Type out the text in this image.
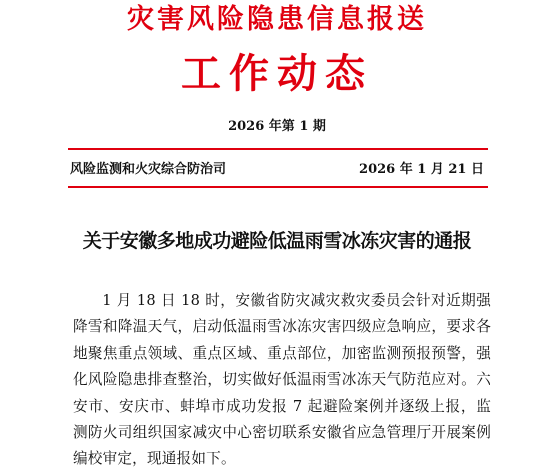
灾害风险隐患信息报送
工作动态
2026 年第 1 期
风险监测和火灾综合防治司	2026 年 1 月 21 日
关于安徽多地成功避险低温雨雪冰冻灾害的通报
1 月 18 日 18 时，安徽省防灾减灾救灾委员会针对近期强降雪和降温天气，启动低温雨雪冰冻灾害四级应急响应，要求各地聚焦重点领域、重点区域、重点部位，加密监测预报预警，强化风险隐患排查整治，切实做好低温雨雪冰冻天气防范应对。六安市、安庆市、蚌埠市成功发报 7 起避险案例并逐级上报，监测防火司组织国家减灾中心密切联系安徽省应急管理厅开展案例编校审定，现通报如下。
